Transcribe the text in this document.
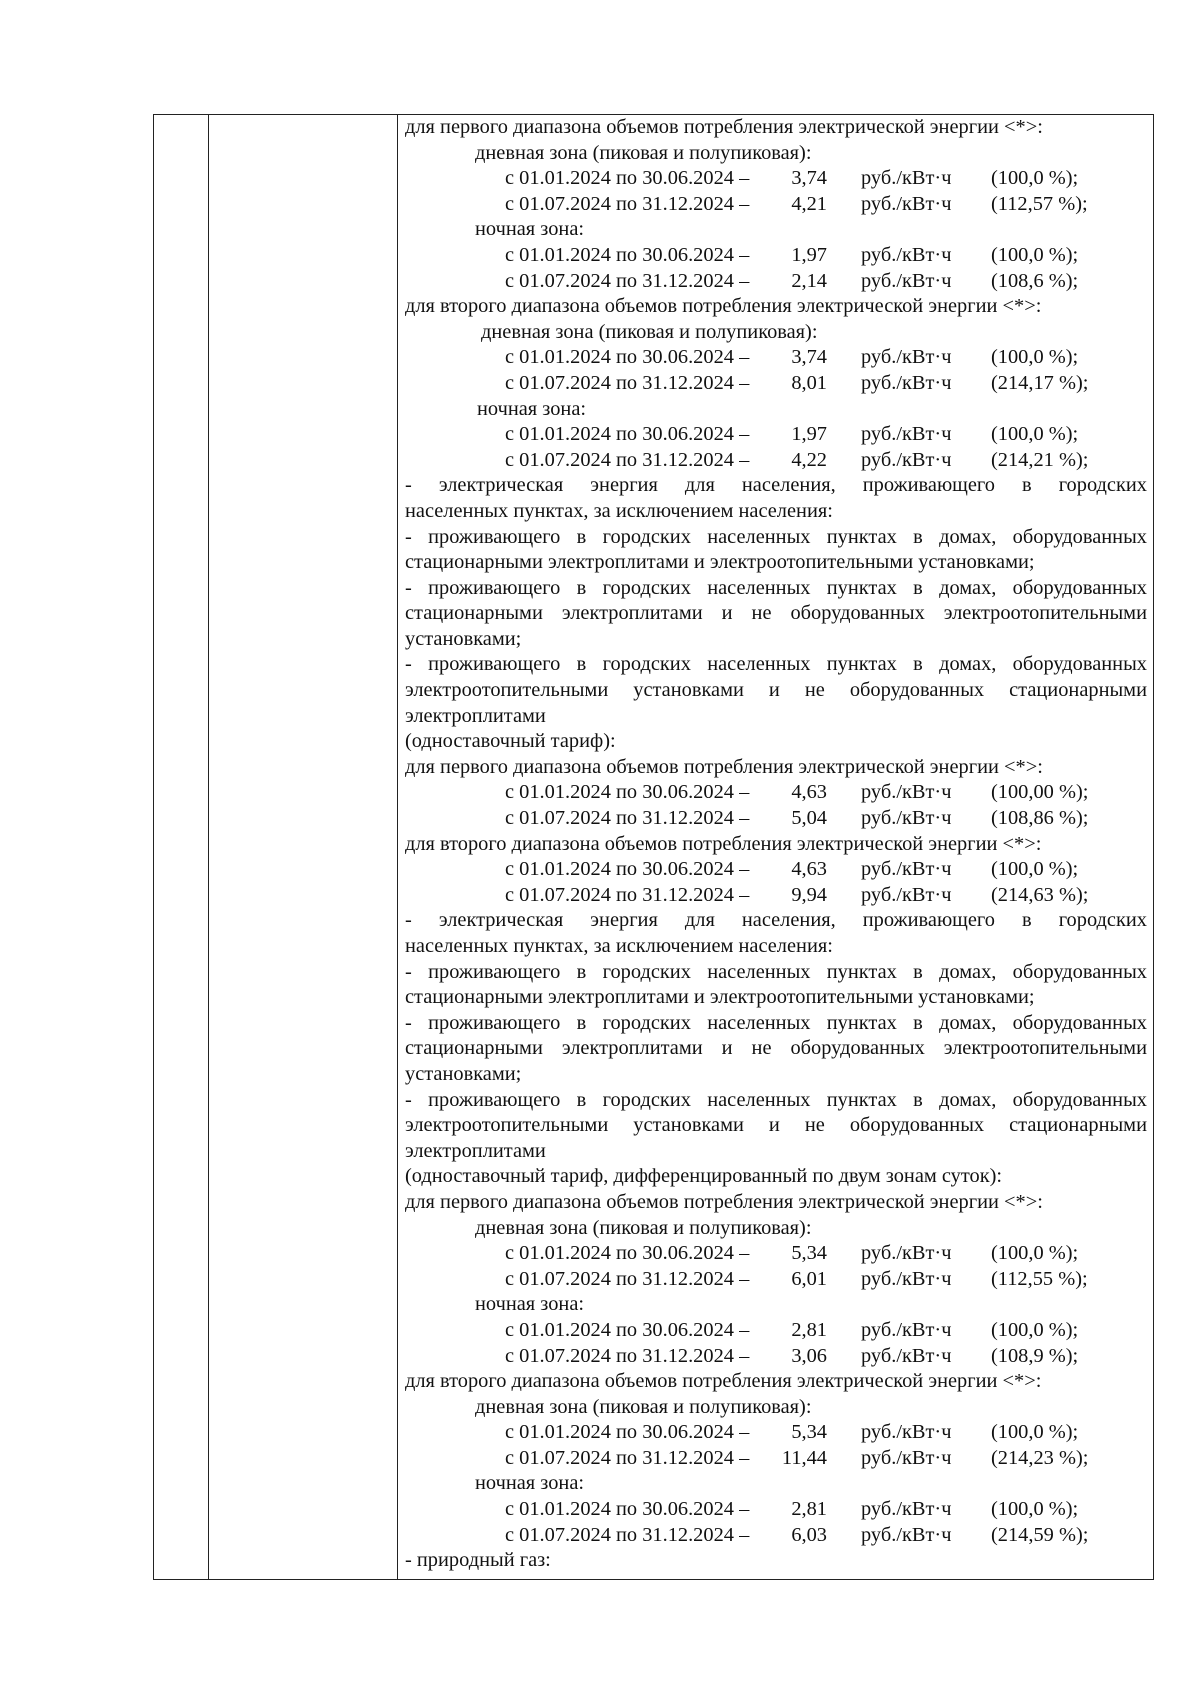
для первого диапазона объемов потребления электрической энергии <*>:
дневная зона (пиковая и полупиковая):
с 01.01.2024 по 30.06.2024 – 3,74 руб./кВт·ч (100,0 %);
с 01.07.2024 по 31.12.2024 – 4,21 руб./кВт·ч (112,57 %);
ночная зона:
с 01.01.2024 по 30.06.2024 – 1,97 руб./кВт·ч (100,0 %);
с 01.07.2024 по 31.12.2024 – 2,14 руб./кВт·ч (108,6 %);
для второго диапазона объемов потребления электрической энергии <*>:
дневная зона (пиковая и полупиковая):
с 01.01.2024 по 30.06.2024 – 3,74 руб./кВт·ч (100,0 %);
с 01.07.2024 по 31.12.2024 – 8,01 руб./кВт·ч (214,17 %);
ночная зона:
с 01.01.2024 по 30.06.2024 – 1,97 руб./кВт·ч (100,0 %);
с 01.07.2024 по 31.12.2024 – 4,22 руб./кВт·ч (214,21 %);
- электрическая энергия для населения, проживающего в городских
населенных пунктах, за исключением населения:
- проживающего в городских населенных пунктах в домах, оборудованных
стационарными электроплитами и электроотопительными установками;
- проживающего в городских населенных пунктах в домах, оборудованных
стационарными электроплитами и не оборудованных электроотопительными
установками;
- проживающего в городских населенных пунктах в домах, оборудованных
электроотопительными установками и не оборудованных стационарными
электроплитами
(одноставочный тариф):
для первого диапазона объемов потребления электрической энергии <*>:
с 01.01.2024 по 30.06.2024 – 4,63 руб./кВт·ч (100,00 %);
с 01.07.2024 по 31.12.2024 – 5,04 руб./кВт·ч (108,86 %);
для второго диапазона объемов потребления электрической энергии <*>:
с 01.01.2024 по 30.06.2024 – 4,63 руб./кВт·ч (100,0 %);
с 01.07.2024 по 31.12.2024 – 9,94 руб./кВт·ч (214,63 %);
- электрическая энергия для населения, проживающего в городских
населенных пунктах, за исключением населения:
- проживающего в городских населенных пунктах в домах, оборудованных
стационарными электроплитами и электроотопительными установками;
- проживающего в городских населенных пунктах в домах, оборудованных
стационарными электроплитами и не оборудованных электроотопительными
установками;
- проживающего в городских населенных пунктах в домах, оборудованных
электроотопительными установками и не оборудованных стационарными
электроплитами
(одноставочный тариф, дифференцированный по двум зонам суток):
для первого диапазона объемов потребления электрической энергии <*>:
дневная зона (пиковая и полупиковая):
с 01.01.2024 по 30.06.2024 – 5,34 руб./кВт·ч (100,0 %);
с 01.07.2024 по 31.12.2024 – 6,01 руб./кВт·ч (112,55 %);
ночная зона:
с 01.01.2024 по 30.06.2024 – 2,81 руб./кВт·ч (100,0 %);
с 01.07.2024 по 31.12.2024 – 3,06 руб./кВт·ч (108,9 %);
для второго диапазона объемов потребления электрической энергии <*>:
дневная зона (пиковая и полупиковая):
с 01.01.2024 по 30.06.2024 – 5,34 руб./кВт·ч (100,0 %);
с 01.07.2024 по 31.12.2024 – 11,44 руб./кВт·ч (214,23 %);
ночная зона:
с 01.01.2024 по 30.06.2024 – 2,81 руб./кВт·ч (100,0 %);
с 01.07.2024 по 31.12.2024 – 6,03 руб./кВт·ч (214,59 %);
- природный газ:
